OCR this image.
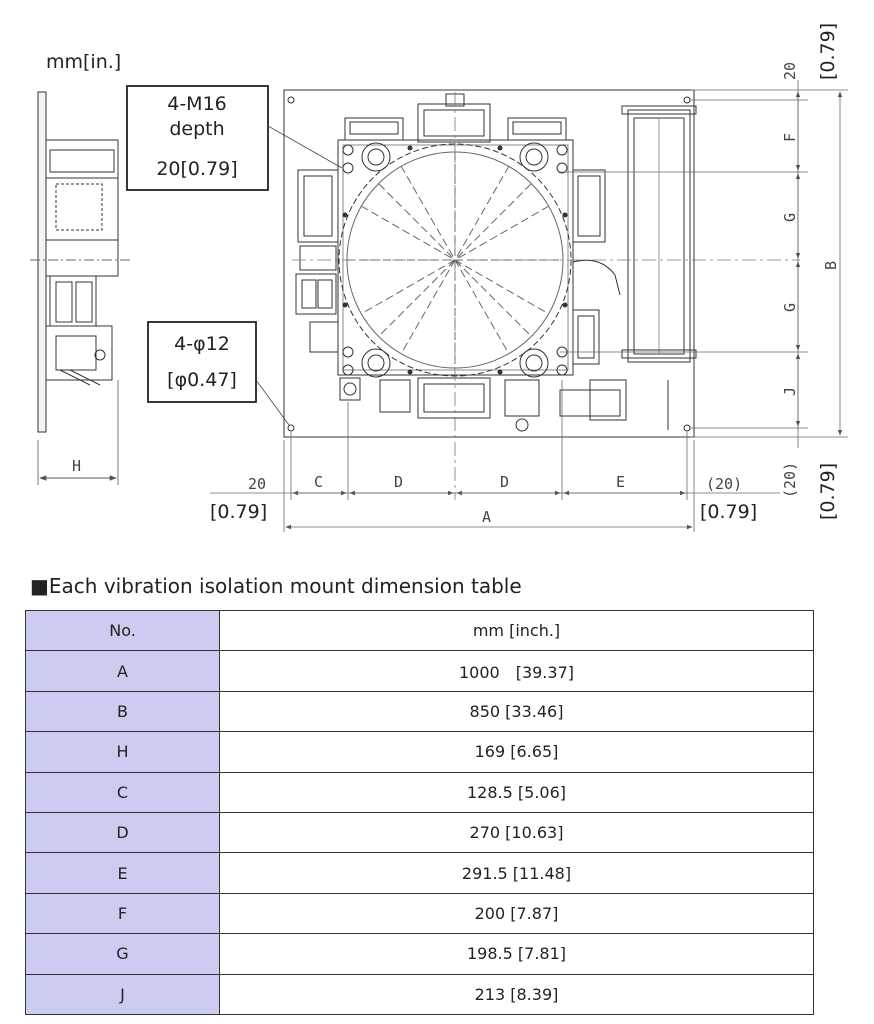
mm[in.]
H
20 [0.79]
F
G
G
J
B
(20) [0.79]
20
[0.79]
C	D	D	E	(20)
[0.79]
A
4-M16
depth
20[0.79]
4-φ12
[φ0.47]
■Each vibration isolation mount dimension table
No.	mm [inch.]
A	1000　[39.37]
B	850 [33.46]
H	169 [6.65]
C	128.5 [5.06]
D	270 [10.63]
E	291.5 [11.48]
F	200 [7.87]
G	198.5 [7.81]
J	213 [8.39]
